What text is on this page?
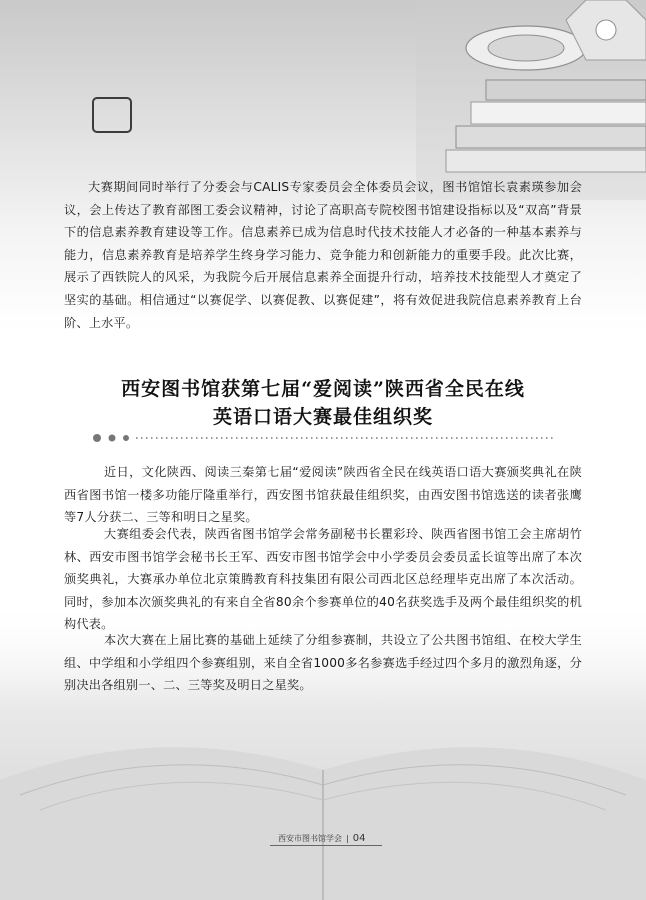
大赛期间同时举行了分委会与CALIS专家委员会全体委员会议，图书馆馆长袁素瑛参加会议，会上传达了教育部图工委会议精神，讨论了高职高专院校图书馆建设指标以及“双高”背景下的信息素养教育建设等工作。信息素养已成为信息时代技术技能人才必备的一种基本素养与能力，信息素养教育是培养学生终身学习能力、竞争能力和创新能力的重要手段。此次比赛，展示了西铁院人的风采，为我院今后开展信息素养全面提升行动，培养技术技能型人才奠定了坚实的基础。相信通过“以赛促学、以赛促教、以赛促建”，将有效促进我院信息素养教育上台阶、上水平。

西安图书馆获第七届“爱阅读”陕西省全民在线
英语口语大赛最佳组织奖

近日，文化陕西、阅读三秦第七届“爱阅读”陕西省全民在线英语口语大赛颁奖典礼在陕西省图书馆一楼多功能厅隆重举行，西安图书馆获最佳组织奖，由西安图书馆选送的读者张鹰等7人分获二、三等和明日之星奖。

大赛组委会代表，陕西省图书馆学会常务副秘书长瞿彩玲、陕西省图书馆工会主席胡竹林、西安市图书馆学会秘书长王军、西安市图书馆学会中小学委员会委员孟长谊等出席了本次颁奖典礼，大赛承办单位北京策腾教育科技集团有限公司西北区总经理毕克出席了本次活动。同时，参加本次颁奖典礼的有来自全省80余个参赛单位的40名获奖选手及两个最佳组织奖的机构代表。

本次大赛在上届比赛的基础上延续了分组参赛制，共设立了公共图书馆组、在校大学生组、中学组和小学组四个参赛组别，来自全省1000多名参赛选手经过四个多月的激烈角逐，分别决出各组别一、二、三等奖及明日之星奖。

西安市图书馆学会 | 04
